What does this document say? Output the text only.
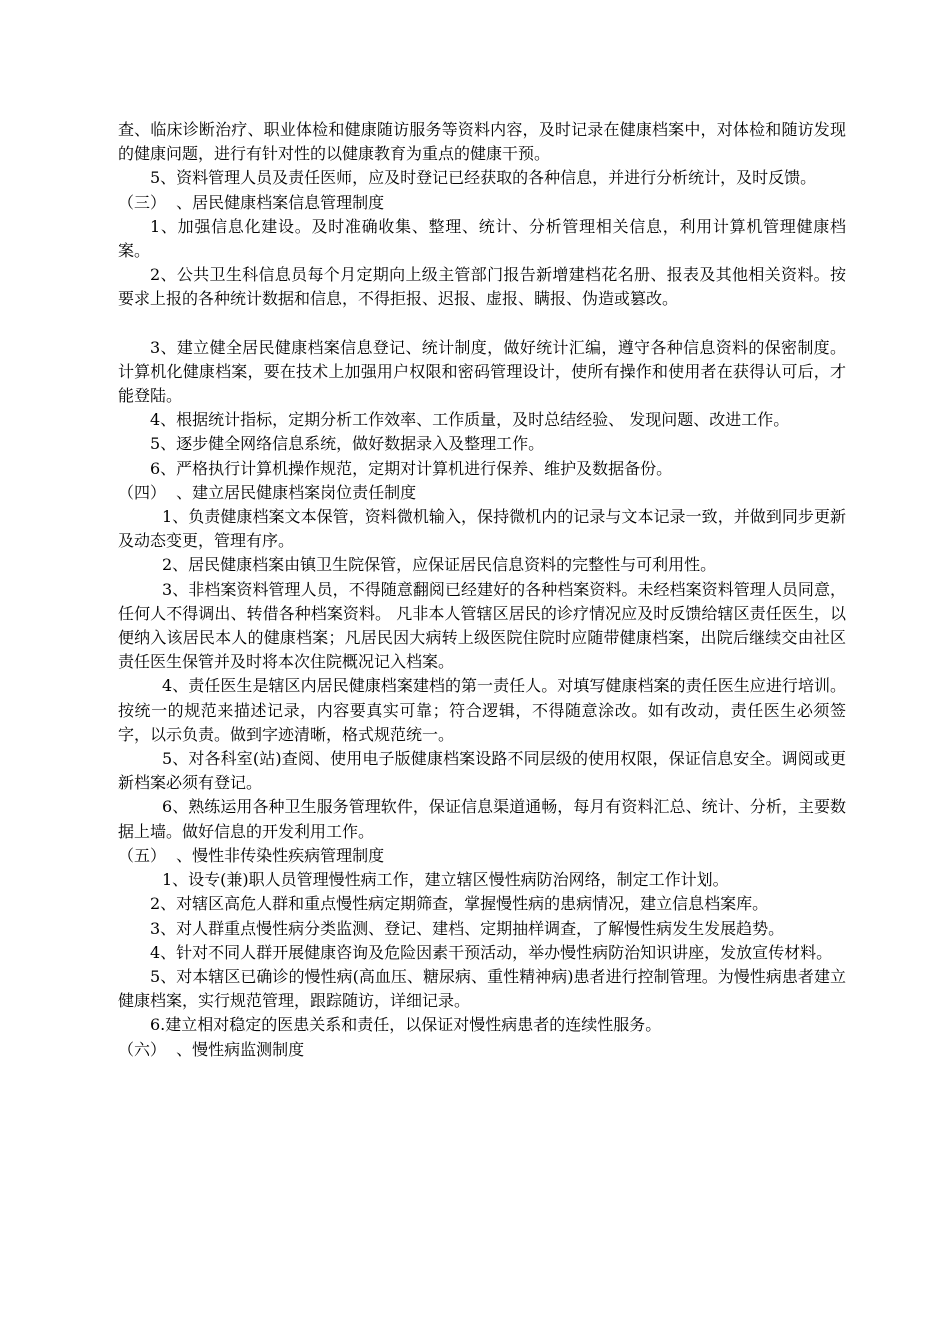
查、临床诊断治疗、职业体检和健康随访服务等资料内容，及时记录在健康档案中，对体检和随访发现的健康问题，进行有针对性的以健康教育为重点的健康干预。

5、资料管理人员及责任医师，应及时登记已经获取的各种信息，并进行分析统计，及时反馈。

（三）  、居民健康档案信息管理制度

1、加强信息化建设。及时准确收集、整理、统计、分析管理相关信息，利用计算机管理健康档案。

2、公共卫生科信息员每个月定期向上级主管部门报告新增建档花名册、报表及其他相关资料。按要求上报的各种统计数据和信息，不得拒报、迟报、虚报、瞒报、伪造或篡改。

3、建立健全居民健康档案信息登记、统计制度，做好统计汇编，遵守各种信息资料的保密制度。计算机化健康档案，要在技术上加强用户权限和密码管理设计，使所有操作和使用者在获得认可后，才能登陆。

4、根据统计指标，定期分析工作效率、工作质量，及时总结经验、 发现问题、改进工作。

5、逐步健全网络信息系统，做好数据录入及整理工作。

6、严格执行计算机操作规范，定期对计算机进行保养、维护及数据备份。

（四）  、建立居民健康档案岗位责任制度

1、负责健康档案文本保管，资料微机输入，保持微机内的记录与文本记录一致，并做到同步更新及动态变更，管理有序。

2、居民健康档案由镇卫生院保管，应保证居民信息资料的完整性与可利用性。

3、非档案资料管理人员，不得随意翻阅已经建好的各种档案资料。未经档案资料管理人员同意，任何人不得调出、转借各种档案资料。 凡非本人管辖区居民的诊疗情况应及时反馈给辖区责任医生，以便纳入该居民本人的健康档案；凡居民因大病转上级医院住院时应随带健康档案，出院后继续交由社区责任医生保管并及时将本次住院概况记入档案。

4、责任医生是辖区内居民健康档案建档的第一责任人。对填写健康档案的责任医生应进行培训。按统一的规范来描述记录，内容要真实可靠；符合逻辑，不得随意涂改。如有改动，责任医生必须签字，以示负责。做到字迹清晰，格式规范统一。

5、对各科室(站)查阅、使用电子版健康档案设路不同层级的使用权限，保证信息安全。调阅或更新档案必须有登记。

6、熟练运用各种卫生服务管理软件，保证信息渠道通畅，每月有资料汇总、统计、分析，主要数据上墙。做好信息的开发利用工作。

（五）  、慢性非传染性疾病管理制度

1、设专(兼)职人员管理慢性病工作，建立辖区慢性病防治网络，制定工作计划。

2、对辖区高危人群和重点慢性病定期筛查，掌握慢性病的患病情况，建立信息档案库。

3、对人群重点慢性病分类监测、登记、建档、定期抽样调查，了解慢性病发生发展趋势。

4、针对不同人群开展健康咨询及危险因素干预活动，举办慢性病防治知识讲座，发放宣传材料。

5、对本辖区已确诊的慢性病(高血压、糖尿病、重性精神病)患者进行控制管理。为慢性病患者建立健康档案，实行规范管理，跟踪随访，详细记录。

6.建立相对稳定的医患关系和责任，以保证对慢性病患者的连续性服务。

（六）  、慢性病监测制度
